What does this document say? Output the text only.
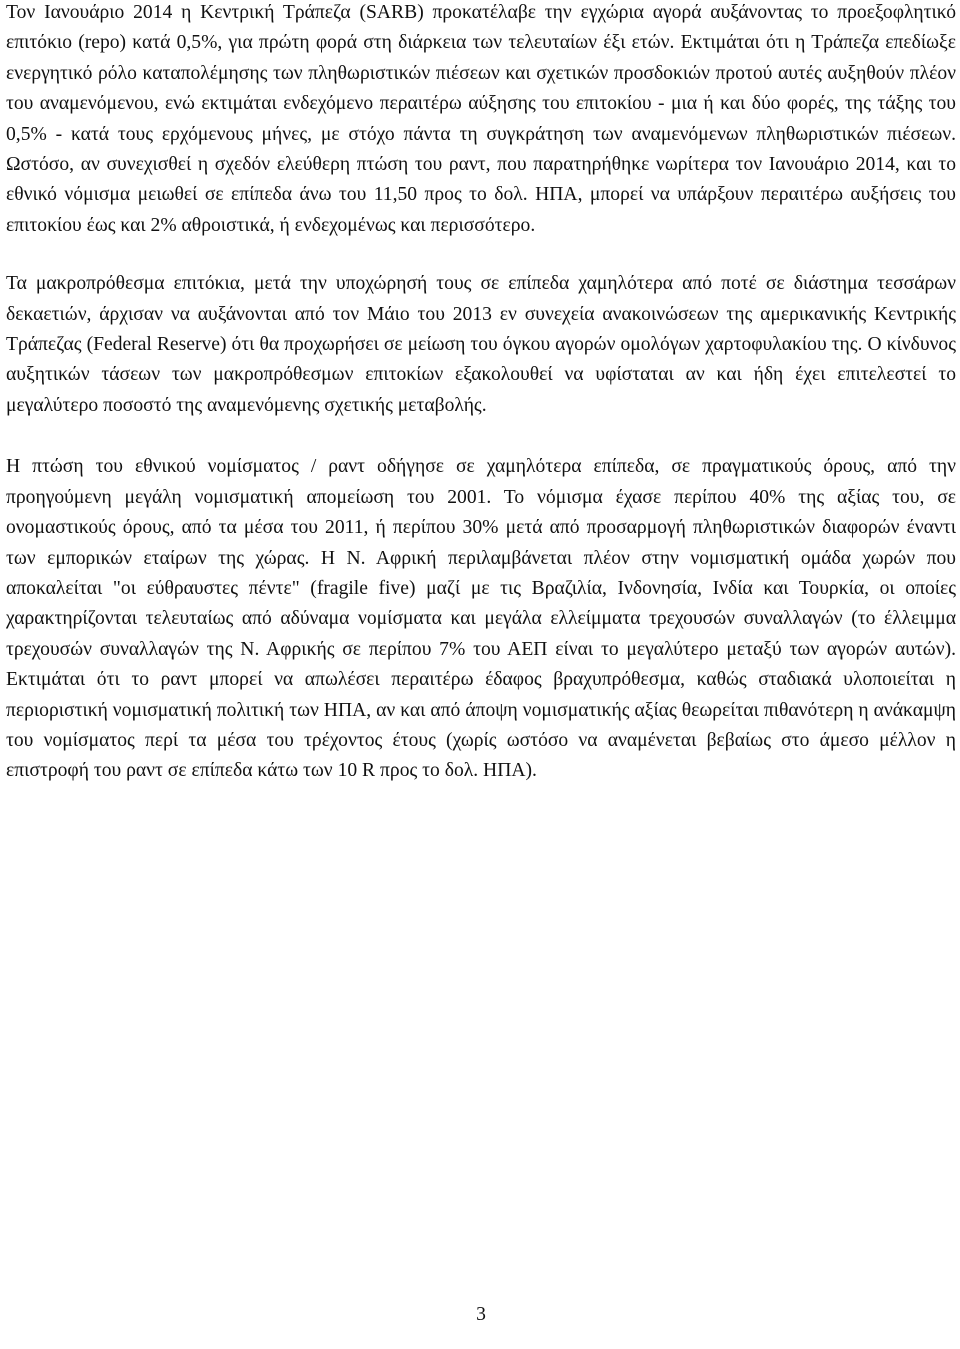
Τον Ιανουάριο 2014 η Κεντρική Τράπεζα (SARB) προκατέλαβε την εγχώρια αγορά αυξάνοντας το προεξοφλητικό επιτόκιο (repo) κατά 0,5%, για πρώτη φορά στη διάρκεια των τελευταίων έξι ετών. Εκτιμάται ότι η Τράπεζα επεδίωξε ενεργητικό ρόλο καταπολέμησης των πληθωριστικών πιέσεων και σχετικών προσδοκιών προτού αυτές αυξηθούν πλέον του αναμενόμενου, ενώ εκτιμάται ενδεχόμενο περαιτέρω αύξησης του επιτοκίου - μια ή και δύο φορές, της τάξης του 0,5% - κατά τους ερχόμενους μήνες, με στόχο πάντα τη συγκράτηση των αναμενόμενων πληθωριστικών πιέσεων. Ωστόσο, αν συνεχισθεί η σχεδόν ελεύθερη πτώση του ραντ, που παρατηρήθηκε νωρίτερα τον Ιανουάριο 2014, και το εθνικό νόμισμα μειωθεί σε επίπεδα άνω του 11,50 προς το δολ. ΗΠΑ, μπορεί να υπάρξουν περαιτέρω αυξήσεις του επιτοκίου έως και 2% αθροιστικά, ή ενδεχομένως και περισσότερο.

Τα μακροπρόθεσμα επιτόκια, μετά την υποχώρησή τους σε επίπεδα χαμηλότερα από ποτέ σε διάστημα τεσσάρων δεκαετιών, άρχισαν να αυξάνονται από τον Μάιο του 2013 εν συνεχεία ανακοινώσεων της αμερικανικής Κεντρικής Τράπεζας (Federal Reserve) ότι θα προχωρήσει σε μείωση του όγκου αγορών ομολόγων χαρτοφυλακίου της. Ο κίνδυνος αυξητικών τάσεων των μακροπρόθεσμων επιτοκίων εξακολουθεί να υφίσταται αν και ήδη έχει επιτελεστεί το μεγαλύτερο ποσοστό της αναμενόμενης σχετικής μεταβολής.

Η πτώση του εθνικού νομίσματος / ραντ οδήγησε σε χαμηλότερα επίπεδα, σε πραγματικούς όρους, από την προηγούμενη μεγάλη νομισματική απομείωση του 2001. Το νόμισμα έχασε περίπου 40% της αξίας του, σε ονομαστικούς όρους, από τα μέσα του 2011, ή περίπου 30% μετά από προσαρμογή πληθωριστικών διαφορών έναντι των εμπορικών εταίρων της χώρας. Η Ν. Αφρική περιλαμβάνεται πλέον στην νομισματική ομάδα χωρών που αποκαλείται "οι εύθραυστες πέντε" (fragile five) μαζί με τις Βραζιλία, Ινδονησία, Ινδία και Τουρκία, οι οποίες χαρακτηρίζονται τελευταίως από αδύναμα νομίσματα και μεγάλα ελλείμματα τρεχουσών συναλλαγών (το έλλειμμα τρεχουσών συναλλαγών της Ν. Αφρικής σε περίπου 7% του ΑΕΠ είναι το μεγαλύτερο μεταξύ των αγορών αυτών). Εκτιμάται ότι το ραντ μπορεί να απωλέσει περαιτέρω έδαφος βραχυπρόθεσμα, καθώς σταδιακά υλοποιείται η περιοριστική νομισματική πολιτική των ΗΠΑ, αν και από άποψη νομισματικής αξίας θεωρείται πιθανότερη η ανάκαμψη του νομίσματος περί τα μέσα του τρέχοντος έτους (χωρίς ωστόσο να αναμένεται βεβαίως στο άμεσο μέλλον η επιστροφή του ραντ σε επίπεδα κάτω των 10 R προς το δολ. ΗΠΑ).

3
